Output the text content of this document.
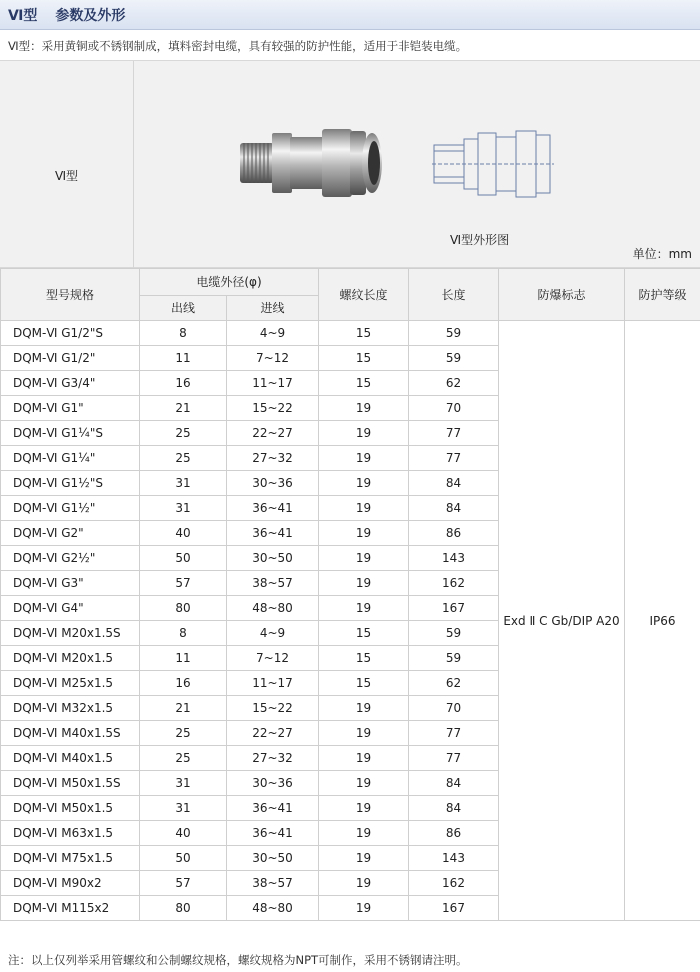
Ⅵ型 参数及外形
Ⅵ型：采用黄铜或不锈钢制成，填料密封电缆，具有较强的防护性能，适用于非铠装电缆。
Ⅵ型
Ⅵ型外形图
单位：mm
型号规格	电缆外径(φ)		螺纹长度	长度	防爆标志	防护等级
	出线	进线				
DQM-Ⅵ G1/2"S	8	4~9	15	59	Exd Ⅱ C Gb/DIP A20	IP66
DQM-Ⅵ G1/2"	11	7~12	15	59		
DQM-Ⅵ G3/4"	16	11~17	15	62		
DQM-Ⅵ G1"	21	15~22	19	70		
DQM-Ⅵ G1¼"S	25	22~27	19	77		
DQM-Ⅵ G1¼"	25	27~32	19	77		
DQM-Ⅵ G1½"S	31	30~36	19	84		
DQM-Ⅵ G1½"	31	36~41	19	84		
DQM-Ⅵ G2"	40	36~41	19	86		
DQM-Ⅵ G2½"	50	30~50	19	143		
DQM-Ⅵ G3"	57	38~57	19	162		
DQM-Ⅵ G4"	80	48~80	19	167		
DQM-Ⅵ M20x1.5S	8	4~9	15	59		
DQM-Ⅵ M20x1.5	11	7~12	15	59		
DQM-Ⅵ M25x1.5	16	11~17	15	62		
DQM-Ⅵ M32x1.5	21	15~22	19	70		
DQM-Ⅵ M40x1.5S	25	22~27	19	77		
DQM-Ⅵ M40x1.5	25	27~32	19	77		
DQM-Ⅵ M50x1.5S	31	30~36	19	84		
DQM-Ⅵ M50x1.5	31	36~41	19	84		
DQM-Ⅵ M63x1.5	40	36~41	19	86		
DQM-Ⅵ M75x1.5	50	30~50	19	143		
DQM-Ⅵ M90x2	57	38~57	19	162		
DQM-Ⅵ M115x2	80	48~80	19	167		
注：以上仅列举采用管螺纹和公制螺纹规格，螺纹规格为NPT可制作，采用不锈钢请注明。
